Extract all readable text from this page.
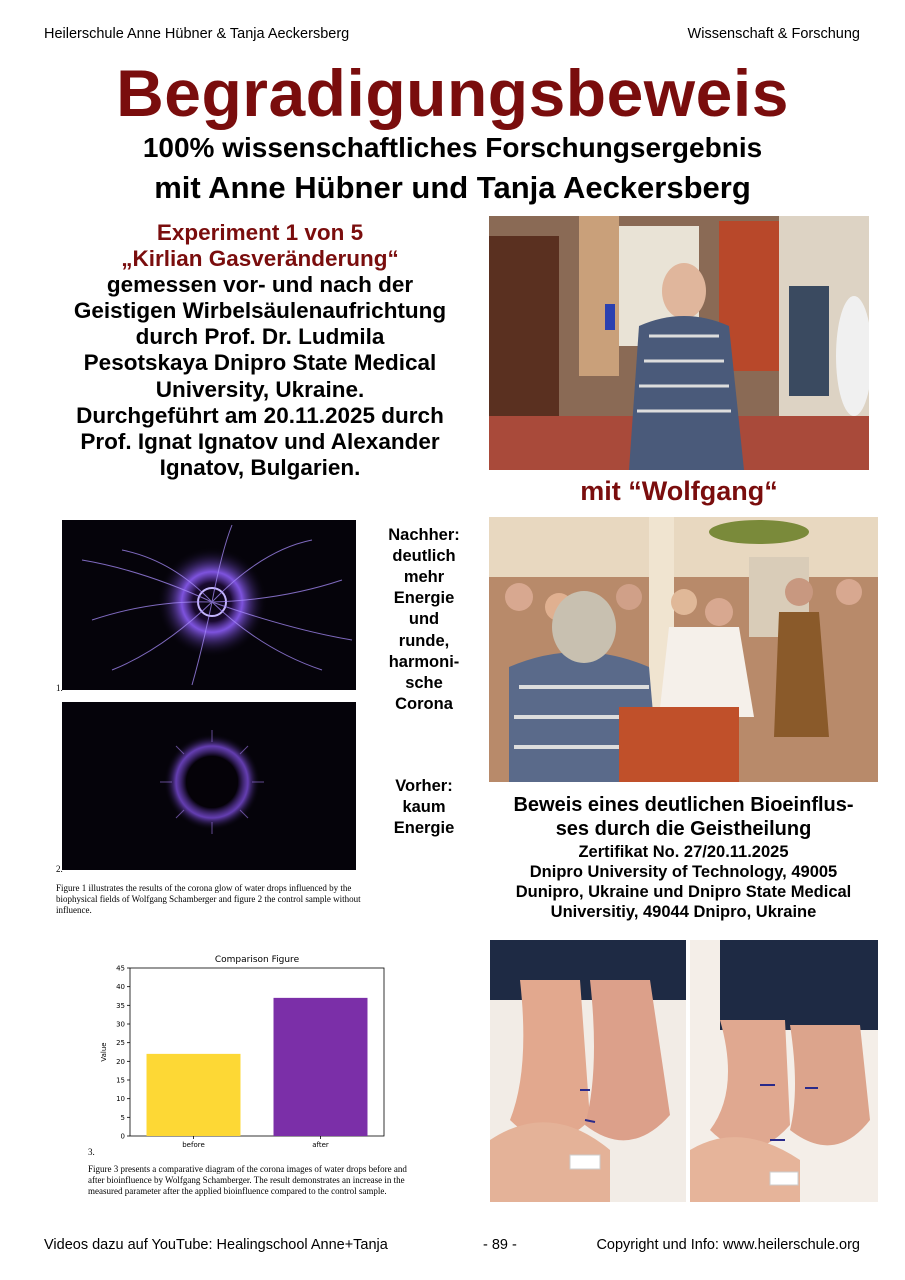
Heilerschule Anne Hübner & Tanja Aeckersberg	Wissenschaft & Forschung
Begradigungsbeweis
100% wissenschaftliches Forschungsergebnis
mit Anne Hübner und Tanja Aeckersberg
Experiment 1 von 5
„Kirlian Gasveränderung“
gemessen vor- und nach der
Geistigen Wirbelsäulenaufrichtung
durch Prof. Dr. Ludmila
Pesotskaya Dnipro State Medical
University, Ukraine.
Durchgeführt am 20.11.2025 durch
Prof. Ignat Ignatov und Alexander
Ignatov, Bulgarien.
mit “Wolfgang“
1.
2.
Figure 1 illustrates the results of the corona glow of water drops influenced by the biophysical fields of Wolfgang Schamberger and figure 2 the control sample without influence.
Nachher:
deutlich
mehr
Energie
und
runde,
harmoni-
sche
Corona
Vorher:
kaum
Energie
Beweis eines deutlichen Bioeinflus-
ses durch die Geistheilung
Zertifikat No. 27/20.11.2025
Dnipro University of Technology, 49005
Dunipro, Ukraine und Dnipro State Medical
Universitiy, 49044 Dnipro, Ukraine
Comparison Figure
0
5
10
15
20
25
30
35
40
45
Value
before	after
3.
Figure 3 presents a comparative diagram of the corona images of water drops before and after bioinfluence by Wolfgang Schamberger. The result demonstrates an increase in the measured parameter after the applied bioinfluence compared to the control sample.
Videos dazu auf YouTube: Healingschool Anne+Tanja	- 89 -	Copyright und Info: www.heilerschule.org
